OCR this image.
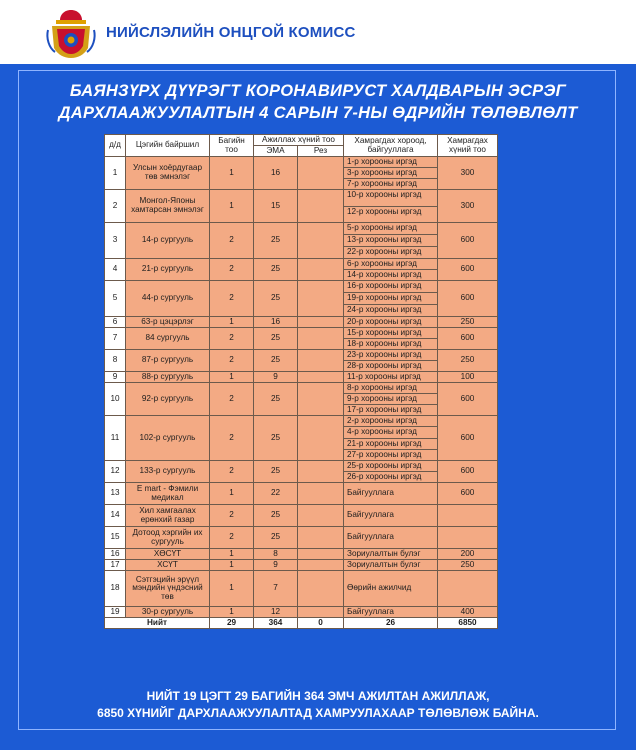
НИЙСЛЭЛИЙН ОНЦГОЙ КОМИСС
БАЯНЗҮРХ ДҮҮРЭГТ КОРОНАВИРУСТ ХАЛДВАРЫН ЭСРЭГ
ДАРХЛААЖУУЛАЛТЫН 4 САРЫН 7-НЫ ӨДРИЙН ТӨЛӨВЛӨЛТ
д/д	Цэгийн байршил	Багийн тоо	Ажиллах хүний тоо		Хамрагдах хороод, байгууллага	Хамрагдах хүний тоо
			ЭМА	Рез		
1	Улсын хоёрдугаар төв эмнэлэг	1	16		1-р хорооны иргэд
3-р хорооны иргэд
7-р хорооны иргэд	300
2	Монгол-Японы хамтарсан эмнэлэг	1	15		10-р хорооны иргэд
12-р хорооны иргэд	300
3	14-р сургууль	2	25		5-р хорооны иргэд
13-р хорооны иргэд
22-р хорооны иргэд	600
4	21-р сургууль	2	25		6-р хорооны иргэд
14-р хорооны иргэд	600
5	44-р сургууль	2	25		16-р хорооны иргэд
19-р хорооны иргэд
24-р хорооны иргэд	600
6	63-р цэцэрлэг	1	16		20-р хорооны иргэд	250
7	84 сургууль	2	25		15-р хорооны иргэд
18-р хорооны иргэд	600
8	87-р сургууль	2	25		23-р хорооны иргэд
28-р хорооны иргэд	250
9	88-р сургууль	1	9		11-р хорооны иргэд	100
10	92-р сургууль	2	25		8-р хорооны иргэд
9-р хорооны иргэд
17-р хорооны иргэд	600
11	102-р сургууль	2	25		2-р хорооны иргэд
4-р хорооны иргэд
21-р хорооны иргэд
27-р хорооны иргэд	600
12	133-р сургууль	2	25		25-р хорооны иргэд
26-р хорооны иргэд	600
13	E mart - Фэмили медикал	1	22		Байгууллага	600
14	Хил хамгаалах ерөнхий газар	2	25		Байгууллага	

15	Дотоод хэргийн их сургууль	2	25		Байгууллага	

16	ХӨСҮТ	1	8		Зориулалтын булэг	200
17	ХСҮТ	1	9		Зориулалтын булэг	250
18	Сэтгэцийн эрүүл мэндийн үндэсний төв	1	7		Өөрийн ажилчид	

19	30-р сургууль	1	12		Байгууллага	400
Нийт		29	364	0	26	6850
НИЙТ 19 ЦЭГТ 29 БАГИЙН 364 ЭМЧ АЖИЛТАН АЖИЛЛАЖ,
6850 ХҮНИЙГ ДАРХЛААЖУУЛАЛТАД ХАМРУУЛАХААР ТӨЛӨВЛӨЖ БАЙНА.
